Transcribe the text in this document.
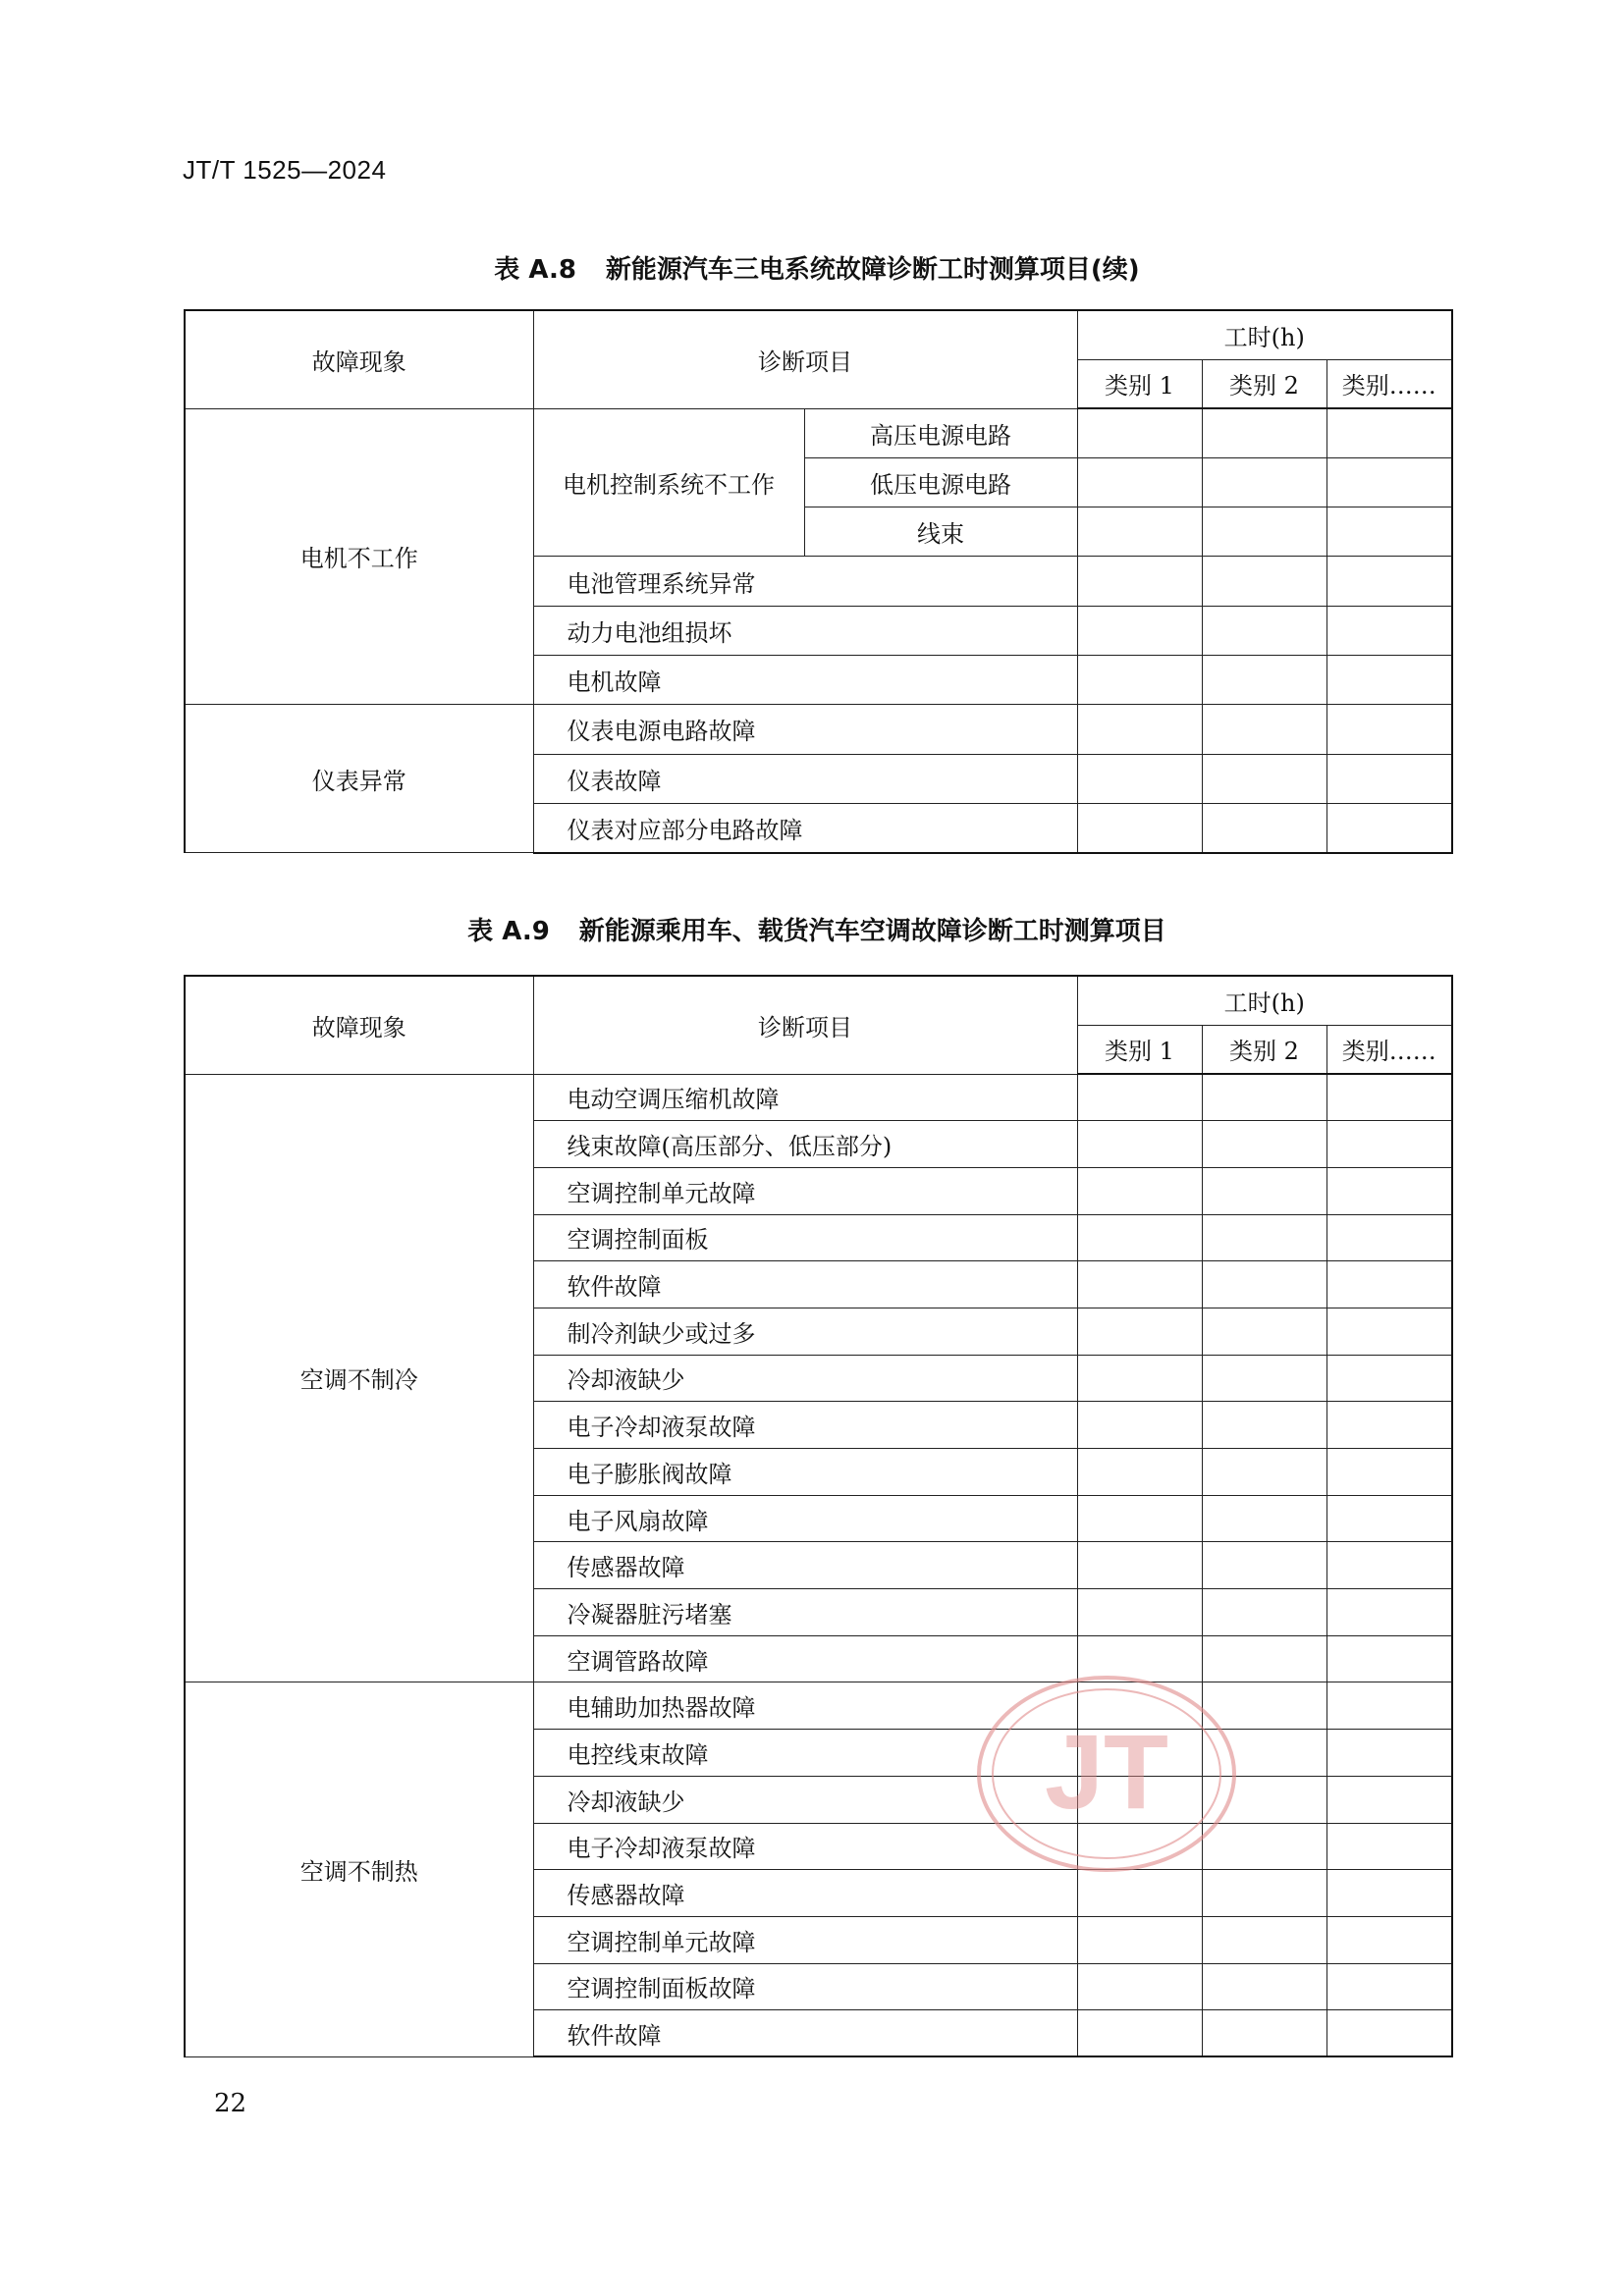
JT/T 1525—2024
表 A.8 新能源汽车三电系统故障诊断工时测算项目(续)
故障现象	诊断项目		工时(h)		
			类别 1	类别 2	类别……
电机不工作	电机控制系统不工作	高压电源电路			
		低压电源电路			
		线束			
	电池管理系统异常				
	动力电池组损坏				
	电机故障				
仪表异常	仪表电源电路故障				
	仪表故障				
	仪表对应部分电路故障				
表 A.9 新能源乘用车、载货汽车空调故障诊断工时测算项目
故障现象	诊断项目	工时(h)		
		类别 1	类别 2	类别……
空调不制冷	电动空调压缩机故障			
	线束故障(高压部分、低压部分)			
	空调控制单元故障			
	空调控制面板			
	软件故障			
	制冷剂缺少或过多			
	冷却液缺少			
	电子冷却液泵故障			
	电子膨胀阀故障			
	电子风扇故障			
	传感器故障			
	冷凝器脏污堵塞			
	空调管路故障			
空调不制热	电辅助加热器故障			
	电控线束故障			
	冷却液缺少			
	电子冷却液泵故障			
	传感器故障			
	空调控制单元故障			
	空调控制面板故障			
	软件故障			
JT
22
